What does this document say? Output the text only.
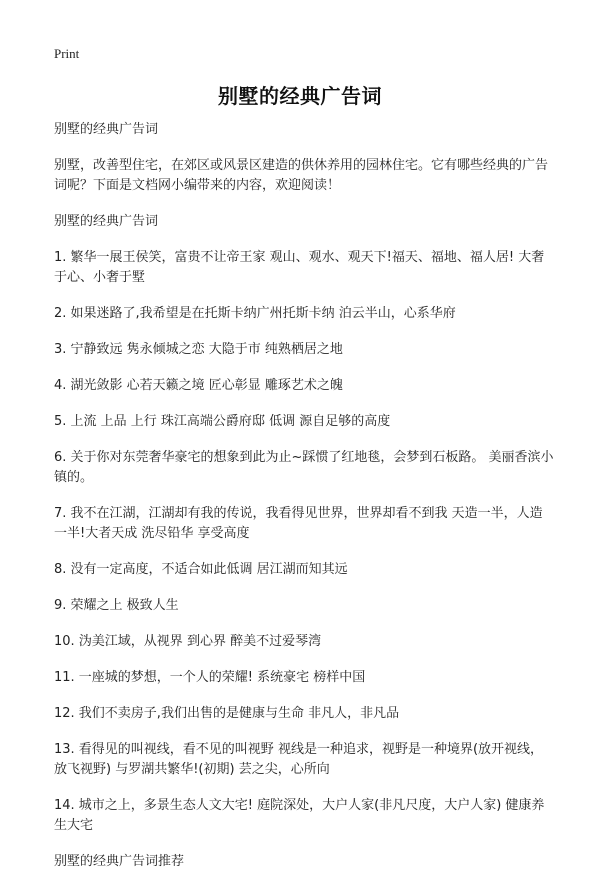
Print
别墅的经典广告词

别墅的经典广告词

别墅，改善型住宅，在郊区或风景区建造的供休养用的园林住宅。它有哪些经典的广告词呢？下面是文档网小编带来的内容，欢迎阅读！

别墅的经典广告词

1. 繁华一展王侯笑，富贵不让帝王家 观山、观水、观天下!福天、福地、福人居! 大奢于心、小奢于墅
2. 如果迷路了,我希望是在托斯卡纳广州托斯卡纳 泊云半山，心系华府
3. 宁静致远 隽永倾城之恋 大隐于市 纯熟栖居之地
4. 湖光敛影 心若天籁之境 匠心彰显 雕琢艺术之魄
5. 上流 上品 上行 珠江高端公爵府邸 低调 源自足够的高度
6. 关于你对东莞奢华豪宅的想象到此为止~踩惯了红地毯，会梦到石板路。 美丽香滨小镇的。
7. 我不在江湖，江湖却有我的传说，我看得见世界，世界却看不到我 天造一半，人造一半!大者天成 洗尽铅华 享受高度
8. 没有一定高度，不适合如此低调 居江湖而知其远
9. 荣耀之上 极致人生
10. 沩美江域，从视界 到心界 醉美不过爱琴湾
11. 一座城的梦想，一个人的荣耀! 系统豪宅 榜样中国
12. 我们不卖房子,我们出售的是健康与生命 非凡人，非凡品
13. 看得见的叫视线，看不见的叫视野 视线是一种追求，视野是一种境界(放开视线，放飞视野) 与罗湖共繁华!(初期) 芸之尖，心所向
14. 城市之上，多景生态人文大宅! 庭院深处，大户人家(非凡尺度，大户人家) 健康养生大宅

别墅的经典广告词推荐
